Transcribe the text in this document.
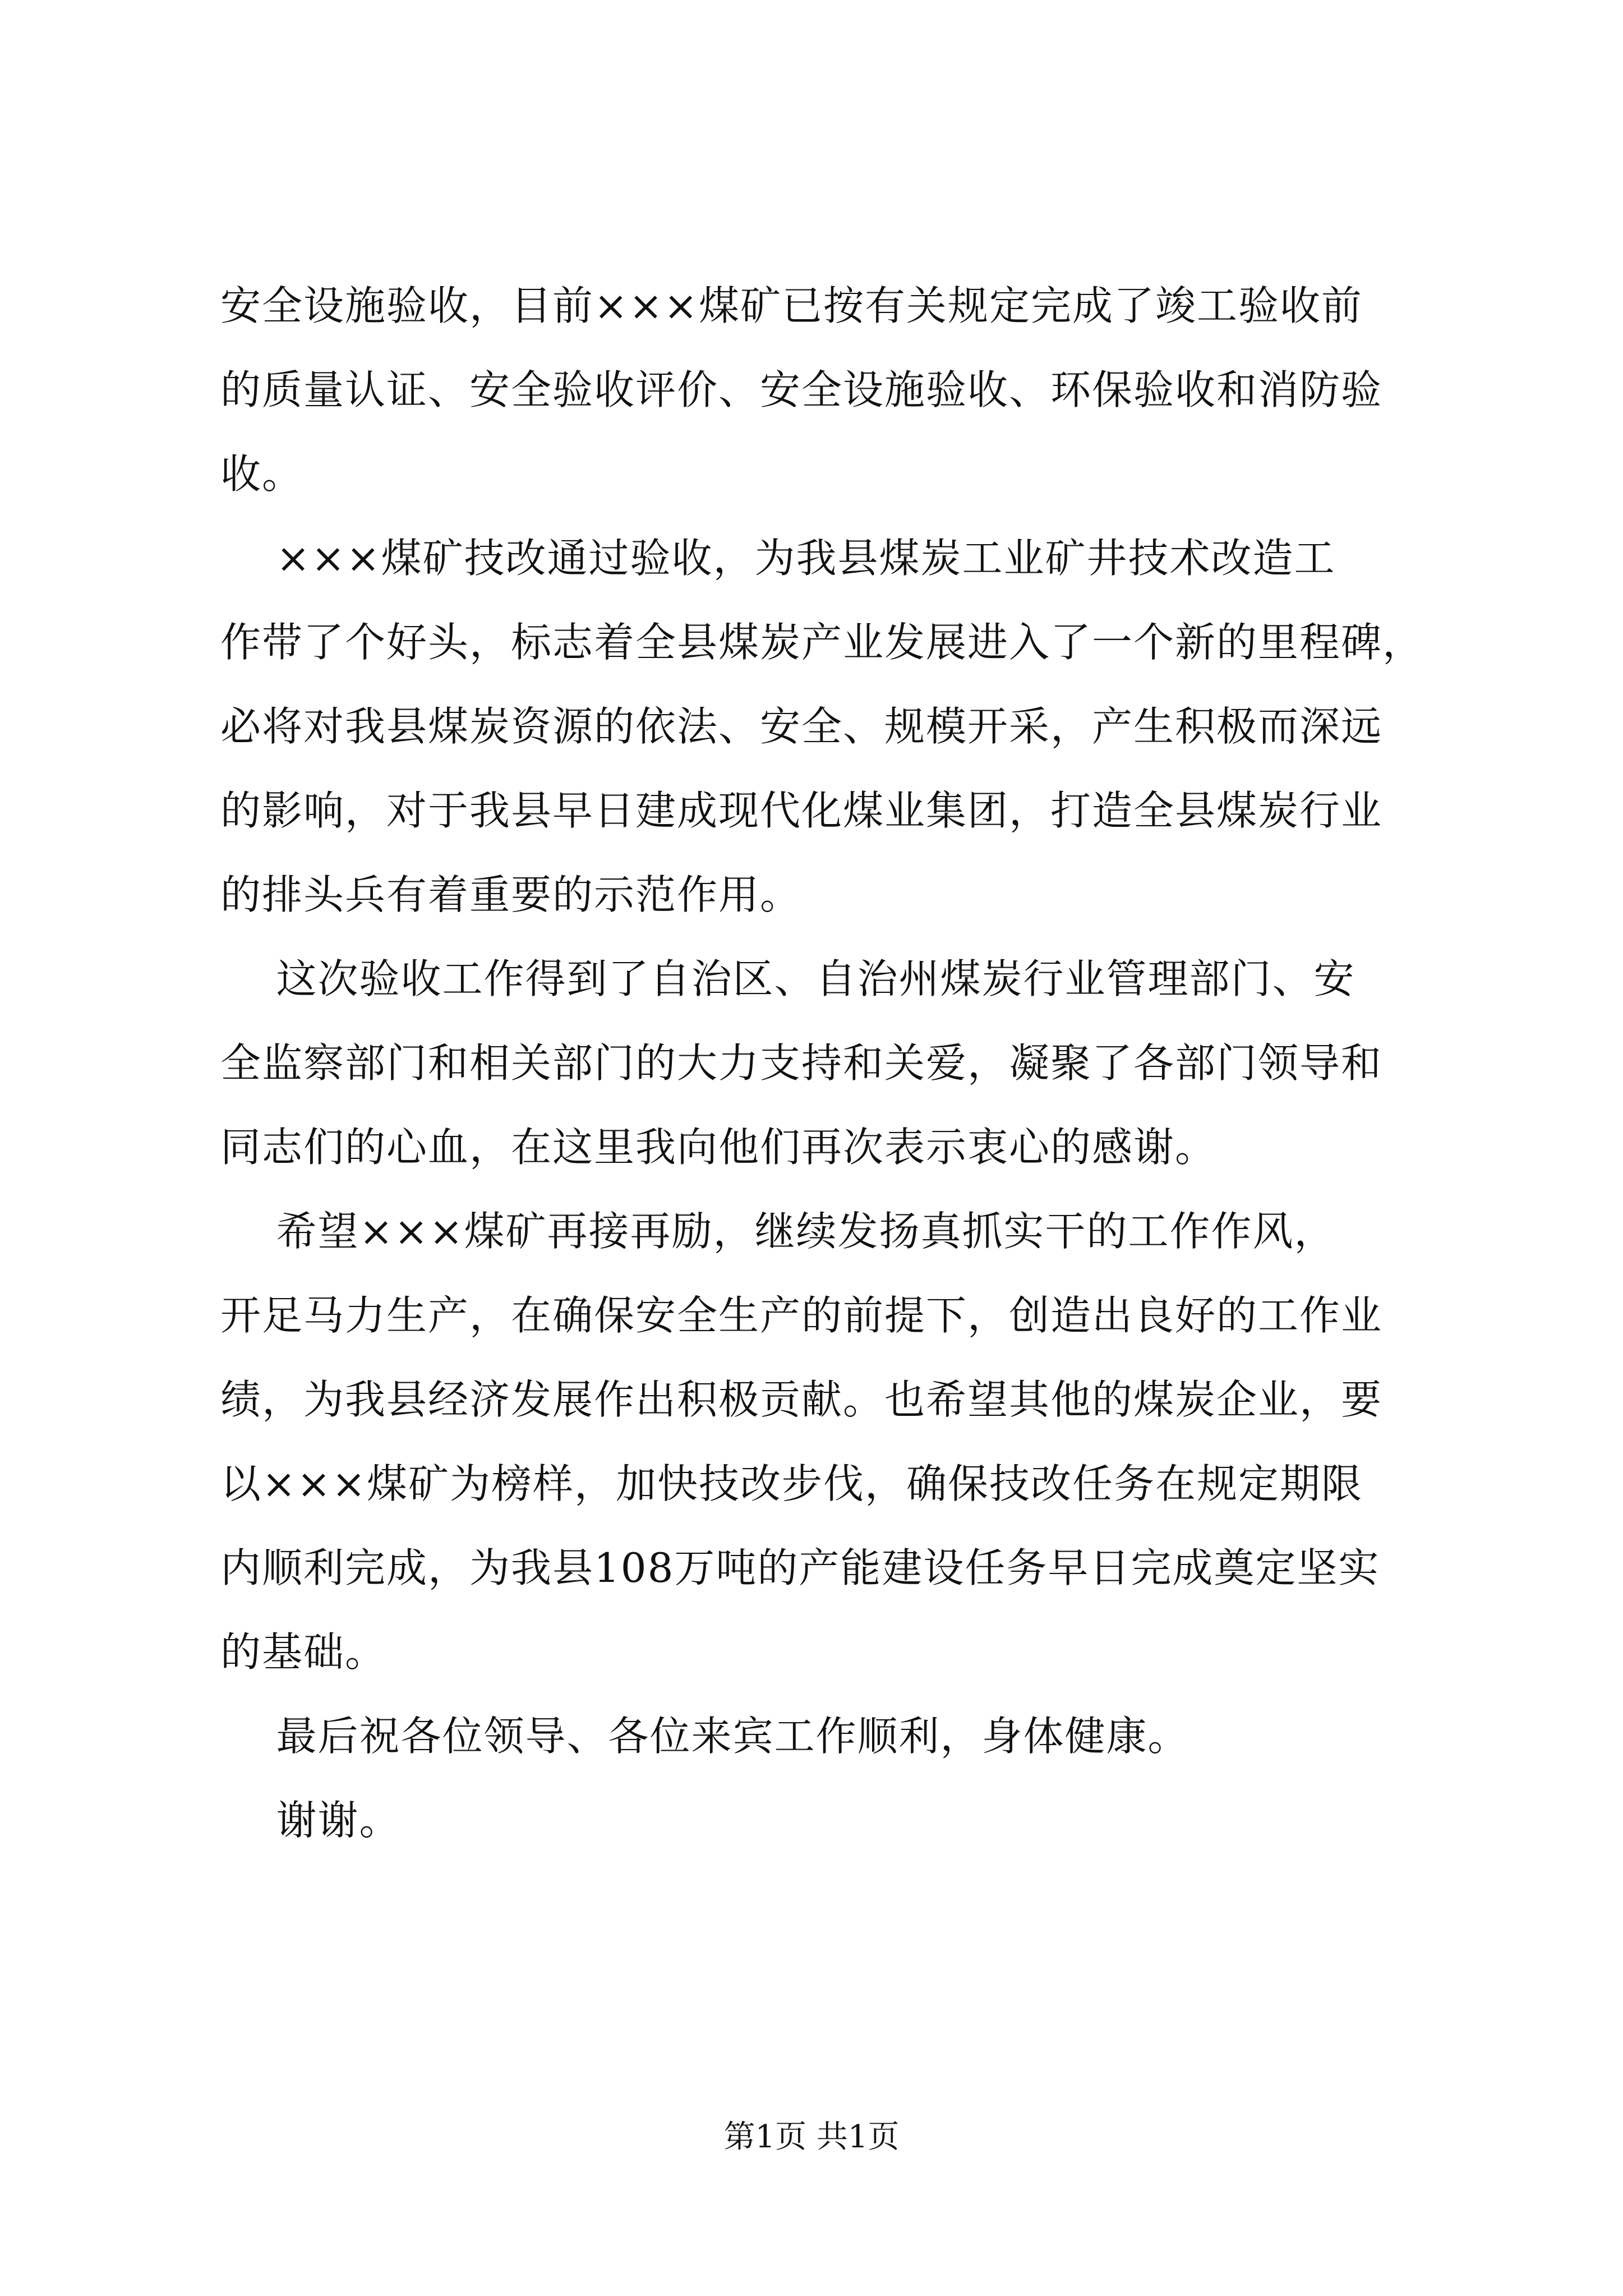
安全设施验收，目前×××煤矿已按有关规定完成了竣工验收前
的质量认证、安全验收评价、安全设施验收、环保验收和消防验
收。
×××煤矿技改通过验收，为我县煤炭工业矿井技术改造工
作带了个好头，标志着全县煤炭产业发展进入了一个新的里程碑，
必将对我县煤炭资源的依法、安全、规模开采，产生积极而深远
的影响，对于我县早日建成现代化煤业集团，打造全县煤炭行业
的排头兵有着重要的示范作用。
这次验收工作得到了自治区、自治州煤炭行业管理部门、安
全监察部门和相关部门的大力支持和关爱，凝聚了各部门领导和
同志们的心血，在这里我向他们再次表示衷心的感谢。
希望×××煤矿再接再励，继续发扬真抓实干的工作作风，
开足马力生产，在确保安全生产的前提下，创造出良好的工作业
绩，为我县经济发展作出积极贡献。也希望其他的煤炭企业，要
以×××煤矿为榜样，加快技改步伐，确保技改任务在规定期限
内顺利完成，为我县108万吨的产能建设任务早日完成奠定坚实
的基础。
最后祝各位领导、各位来宾工作顺利，身体健康。
谢谢。
第1页 共1页
